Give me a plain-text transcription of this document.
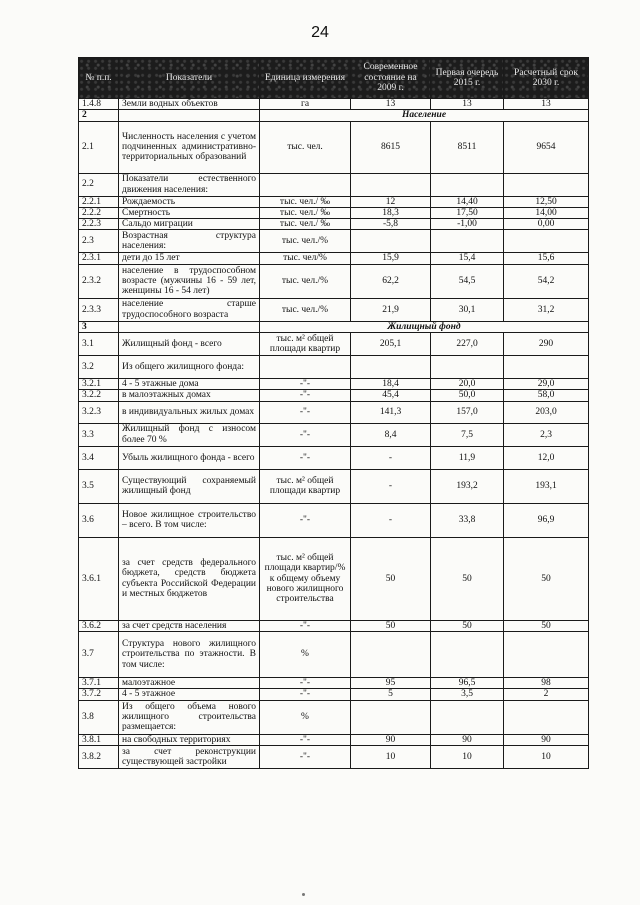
24
№ п.п.	Показатели	Единица измерения	Современное состояние на 2009 г.	Первая очередь 2015 г.	Расчетный срок 2030 г.
1.4.8	Земли водных объектов	га	13	13	13
2		Население			
2.1	Численность населения с учетом подчиненных административно-территориальных образований	тыс. чел.	8615	8511	9654
2.2	Показатели естественного движения населения:				
2.2.1	Рождаемость	тыс. чел./ ‰	12	14,40	12,50
2.2.2	Смертность	тыс. чел./ ‰	18,3	17,50	14,00
2.2.3	Сальдо миграции	тыс. чел./ ‰	-5,8	-1,00	0,00
2.3	Возрастная структура населения:	тыс. чел./%			
2.3.1	дети до 15 лет	тыс. чел/%	15,9	15,4	15,6
2.3.2	население в трудоспособном возрасте (мужчины 16 - 59 лет, женщины 16 - 54 лет)	тыс. чел./%	62,2	54,5	54,2
2.3.3	население старше трудоспособного возраста	тыс. чел./%	21,9	30,1	31,2
3		Жилищный фонд			
3.1	Жилищный фонд - всего	тыс. м² общей площади квартир	205,1	227,0	290
3.2	Из общего жилищного фонда:				
3.2.1	4 - 5 этажные дома	-"-	18,4	20,0	29,0
3.2.2	в малоэтажных домах	-"-	45,4	50,0	58,0
3.2.3	в индивидуальных жилых домах	-"-	141,3	157,0	203,0
3.3	Жилищный фонд с износом более 70 %	-"-	8,4	7,5	2,3
3.4	Убыль жилищного фонда - всего	-"-	-	11,9	12,0
3.5	Существующий сохраняемый жилищный фонд	тыс. м² общей площади квартир	-	193,2	193,1
3.6	Новое жилищное строительство – всего. В том числе:	-"-	-	33,8	96,9
3.6.1	за счет средств федерального бюджета, средств бюджета субъекта Российской Федерации и местных бюджетов	тыс. м² общей площади квартир/% к общему объему нового жилищного строительства	50	50	50
3.6.2	за счет средств населения	-"-	50	50	50
3.7	Структура нового жилищного строительства по этажности. В том числе:	%			
3.7.1	малоэтажное	-"-	95	96,5	98
3.7.2	4 - 5 этажное	-"-	5	3,5	2
3.8	Из общего объема нового жилищного строительства размещается:	%			
3.8.1	на свободных территориях	-"-	90	90	90
3.8.2	за счет реконструкции существующей застройки	-"-	10	10	10
